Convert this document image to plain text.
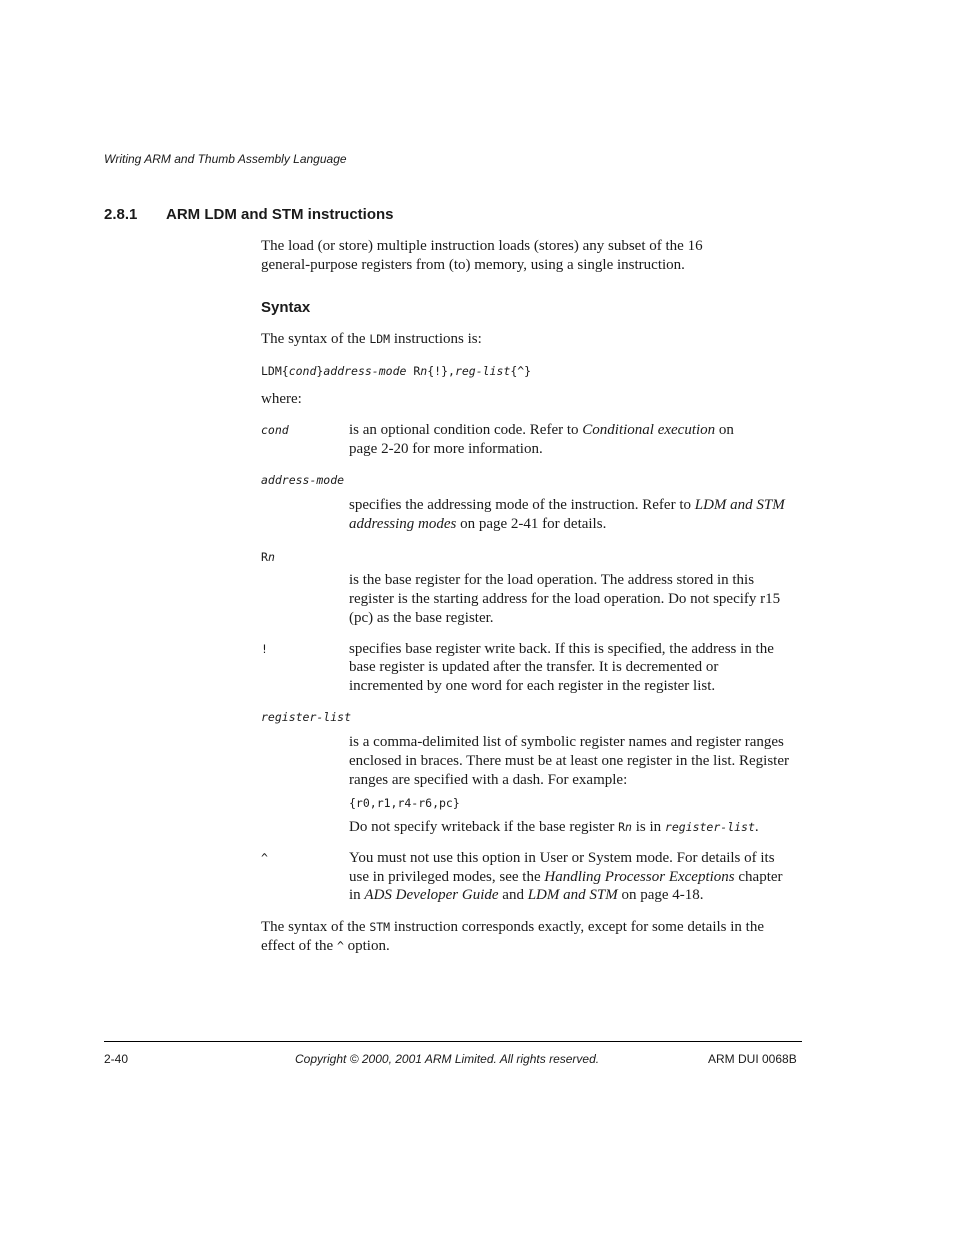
Writing ARM and Thumb Assembly Language
2.8.1 ARM LDM and STM instructions
The load (or store) multiple instruction loads (stores) any subset of the 16
general-purpose registers from (to) memory, using a single instruction.
Syntax
The syntax of the LDM instructions is:
LDM{cond}address-mode Rn{!},reg-list{^}
where:
cond	is an optional condition code. Refer to Conditional execution on
page 2-20 for more information.
address-mode
specifies the addressing mode of the instruction. Refer to LDM and STM
addressing modes on page 2-41 for details.
Rn
is the base register for the load operation. The address stored in this
register is the starting address for the load operation. Do not specify r15
(pc) as the base register.
!	specifies base register write back. If this is specified, the address in the
base register is updated after the transfer. It is decremented or
incremented by one word for each register in the register list.
register-list
is a comma-delimited list of symbolic register names and register ranges
enclosed in braces. There must be at least one register in the list. Register
ranges are specified with a dash. For example:
{r0,r1,r4-r6,pc}
Do not specify writeback if the base register Rn is in register-list.
^	You must not use this option in User or System mode. For details of its
use in privileged modes, see the Handling Processor Exceptions chapter
in ADS Developer Guide and LDM and STM on page 4-18.
The syntax of the STM instruction corresponds exactly, except for some details in the
effect of the ^ option.
2-40	Copyright © 2000, 2001 ARM Limited. All rights reserved.	ARM DUI 0068B
